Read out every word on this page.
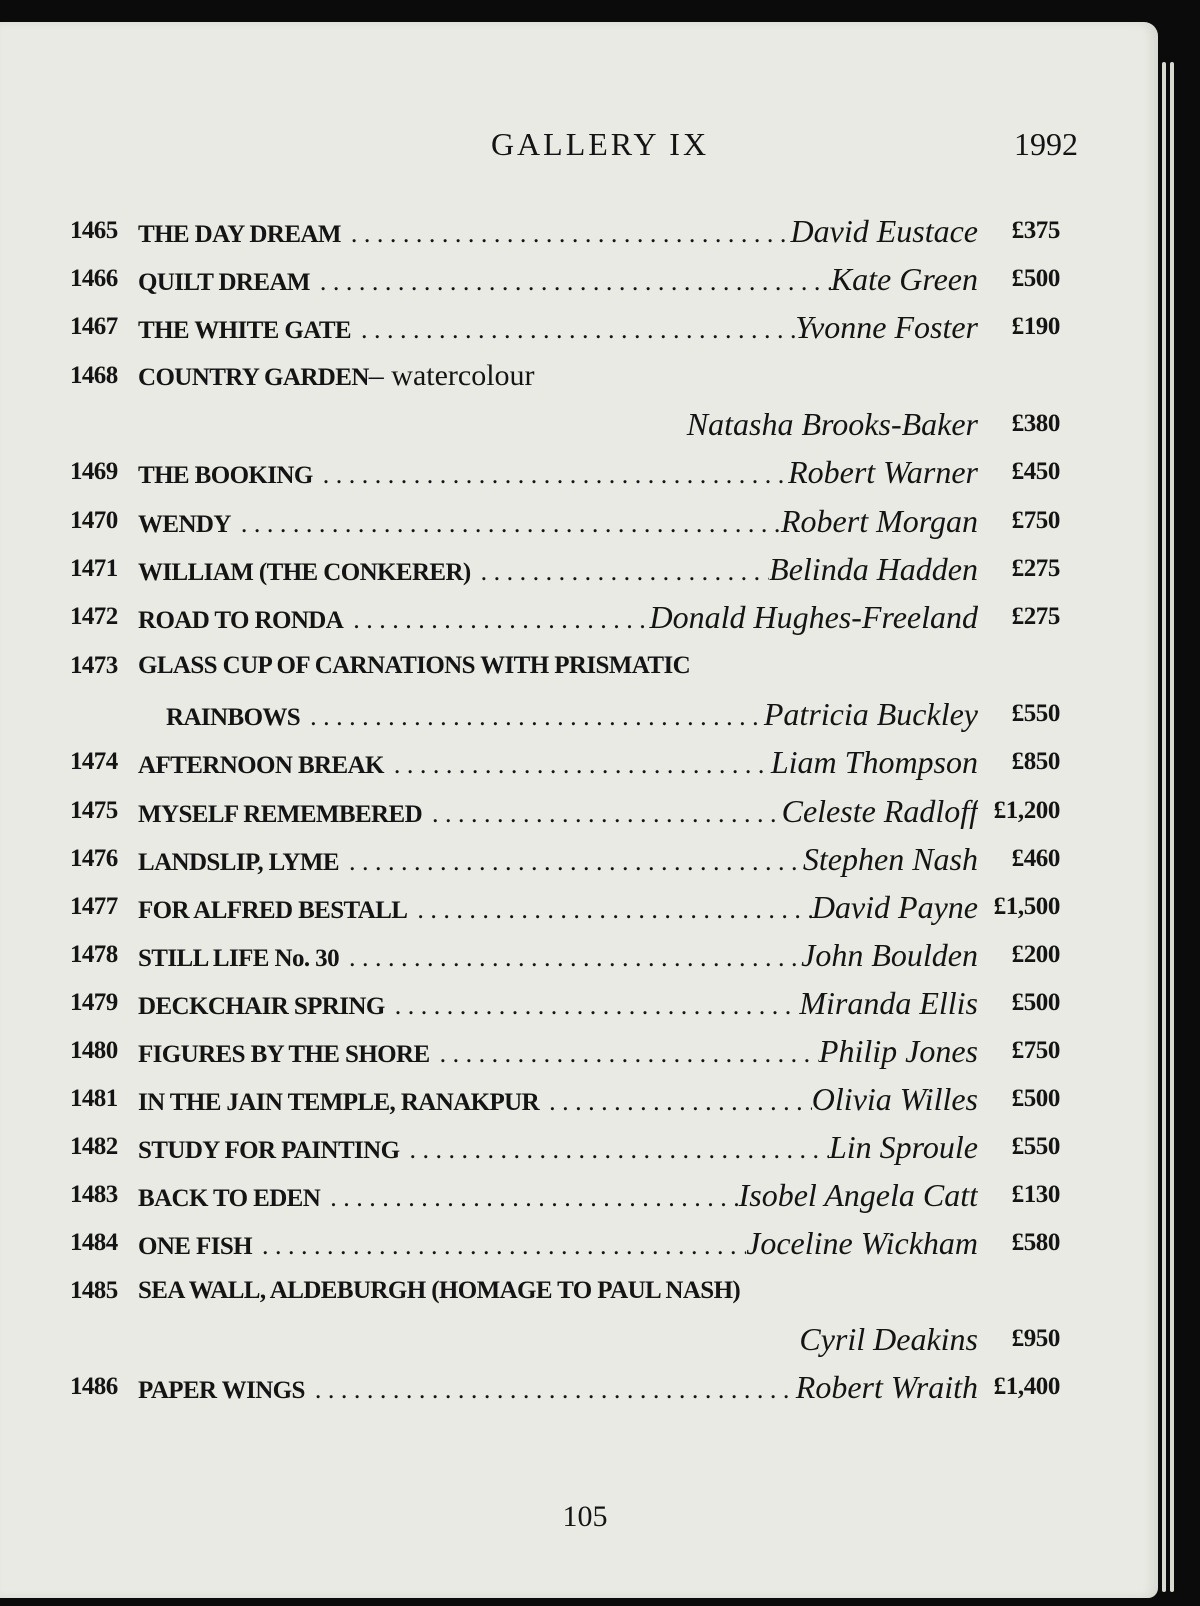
GALLERY IX	1992
1465 THE DAY DREAM . . .	David Eustace £375
1466 QUILT DREAM . . .	Kate Green £500
1467 THE WHITE GATE . . .	Yvonne Foster £190
1468 COUNTRY GARDEN – watercolour
Natasha Brooks-Baker £380
1469 THE BOOKING . . .	Robert Warner £450
1470 WENDY . . .	Robert Morgan £750
1471 WILLIAM (THE CONKERER) . . .	Belinda Hadden £275
1472 ROAD TO RONDA . . .	Donald Hughes-Freeland £275
1473 GLASS CUP OF CARNATIONS WITH PRISMATIC
RAINBOWS . . .	Patricia Buckley £550
1474 AFTERNOON BREAK . . .	Liam Thompson £850
1475 MYSELF REMEMBERED . . .	Celeste Radloff £1,200
1476 LANDSLIP, LYME . . .	Stephen Nash £460
1477 FOR ALFRED BESTALL . . .	David Payne £1,500
1478 STILL LIFE No. 30 . . .	John Boulden £200
1479 DECKCHAIR SPRING . . .	Miranda Ellis £500
1480 FIGURES BY THE SHORE . . .	Philip Jones £750
1481 IN THE JAIN TEMPLE, RANAKPUR . . .	Olivia Willes £500
1482 STUDY FOR PAINTING . . .	Lin Sproule £550
1483 BACK TO EDEN . . .	Isobel Angela Catt £130
1484 ONE FISH . . .	Joceline Wickham £580
1485 SEA WALL, ALDEBURGH (HOMAGE TO PAUL NASH)
Cyril Deakins £950
1486 PAPER WINGS . . .	Robert Wraith £1,400
105
